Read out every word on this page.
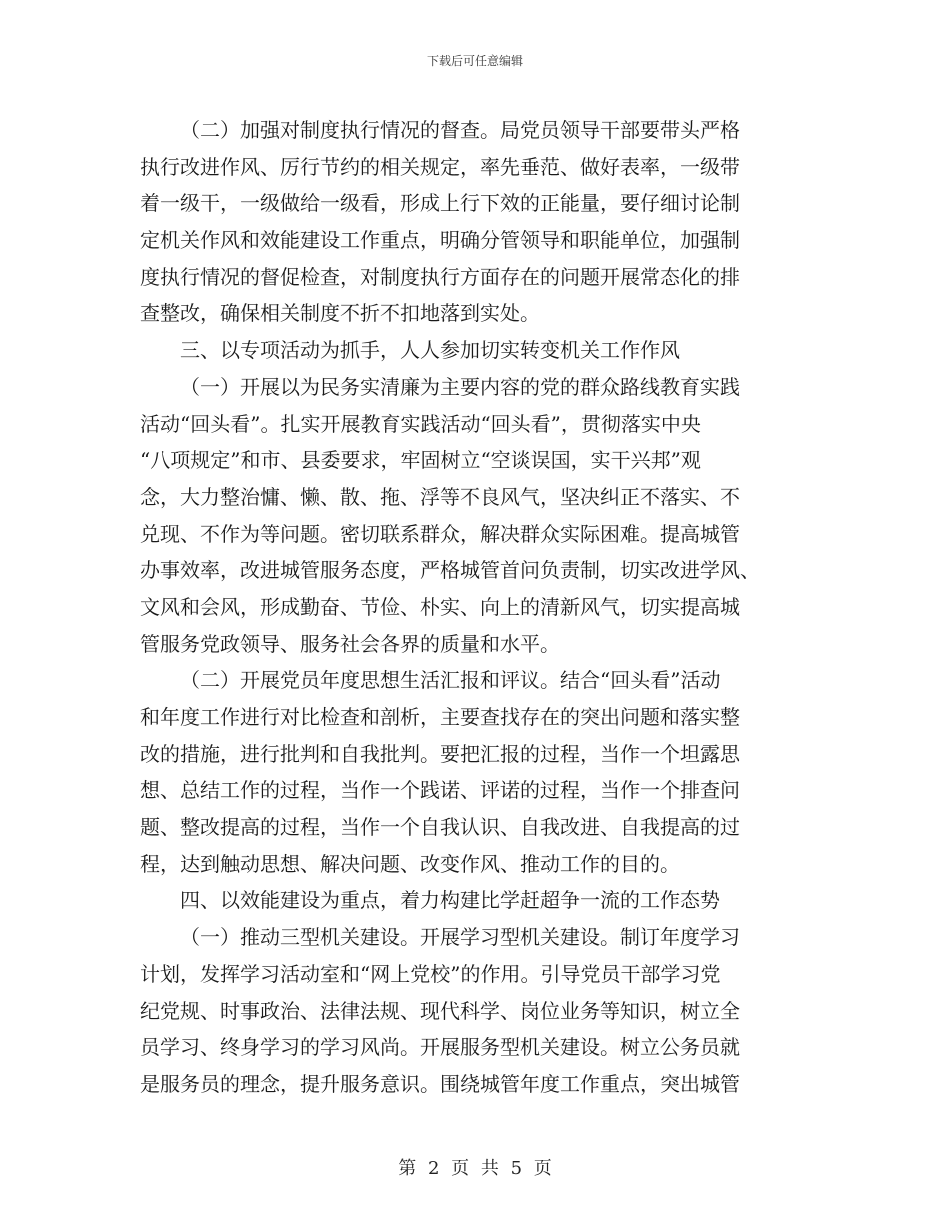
下载后可任意编辑
（二）加强对制度执行情况的督查。局党员领导干部要带头严格
执行改进作风、厉行节约的相关规定，率先垂范、做好表率，一级带
着一级干，一级做给一级看，形成上行下效的正能量，要仔细讨论制
定机关作风和效能建设工作重点，明确分管领导和职能单位，加强制
度执行情况的督促检查，对制度执行方面存在的问题开展常态化的排
查整改，确保相关制度不折不扣地落到实处。
三、以专项活动为抓手，人人参加切实转变机关工作作风
（一）开展以为民务实清廉为主要内容的党的群众路线教育实践
活动“回头看”。扎实开展教育实践活动“回头看”，贯彻落实中央
“八项规定”和市、县委要求，牢固树立“空谈误国，实干兴邦”观
念，大力整治慵、懒、散、拖、浮等不良风气，坚决纠正不落实、不
兑现、不作为等问题。密切联系群众，解决群众实际困难。提高城管
办事效率，改进城管服务态度，严格城管首问负责制，切实改进学风、
文风和会风，形成勤奋、节俭、朴实、向上的清新风气，切实提高城
管服务党政领导、服务社会各界的质量和水平。
（二）开展党员年度思想生活汇报和评议。结合“回头看”活动
和年度工作进行对比检查和剖析，主要查找存在的突出问题和落实整
改的措施，进行批判和自我批判。要把汇报的过程，当作一个坦露思
想、总结工作的过程，当作一个践诺、评诺的过程，当作一个排查问
题、整改提高的过程，当作一个自我认识、自我改进、自我提高的过
程，达到触动思想、解决问题、改变作风、推动工作的目的。
四、以效能建设为重点，着力构建比学赶超争一流的工作态势
（一）推动三型机关建设。开展学习型机关建设。制订年度学习
计划，发挥学习活动室和“网上党校”的作用。引导党员干部学习党
纪党规、时事政治、法律法规、现代科学、岗位业务等知识，树立全
员学习、终身学习的学习风尚。开展服务型机关建设。树立公务员就
是服务员的理念，提升服务意识。围绕城管年度工作重点，突出城管
第 2 页 共 5 页
